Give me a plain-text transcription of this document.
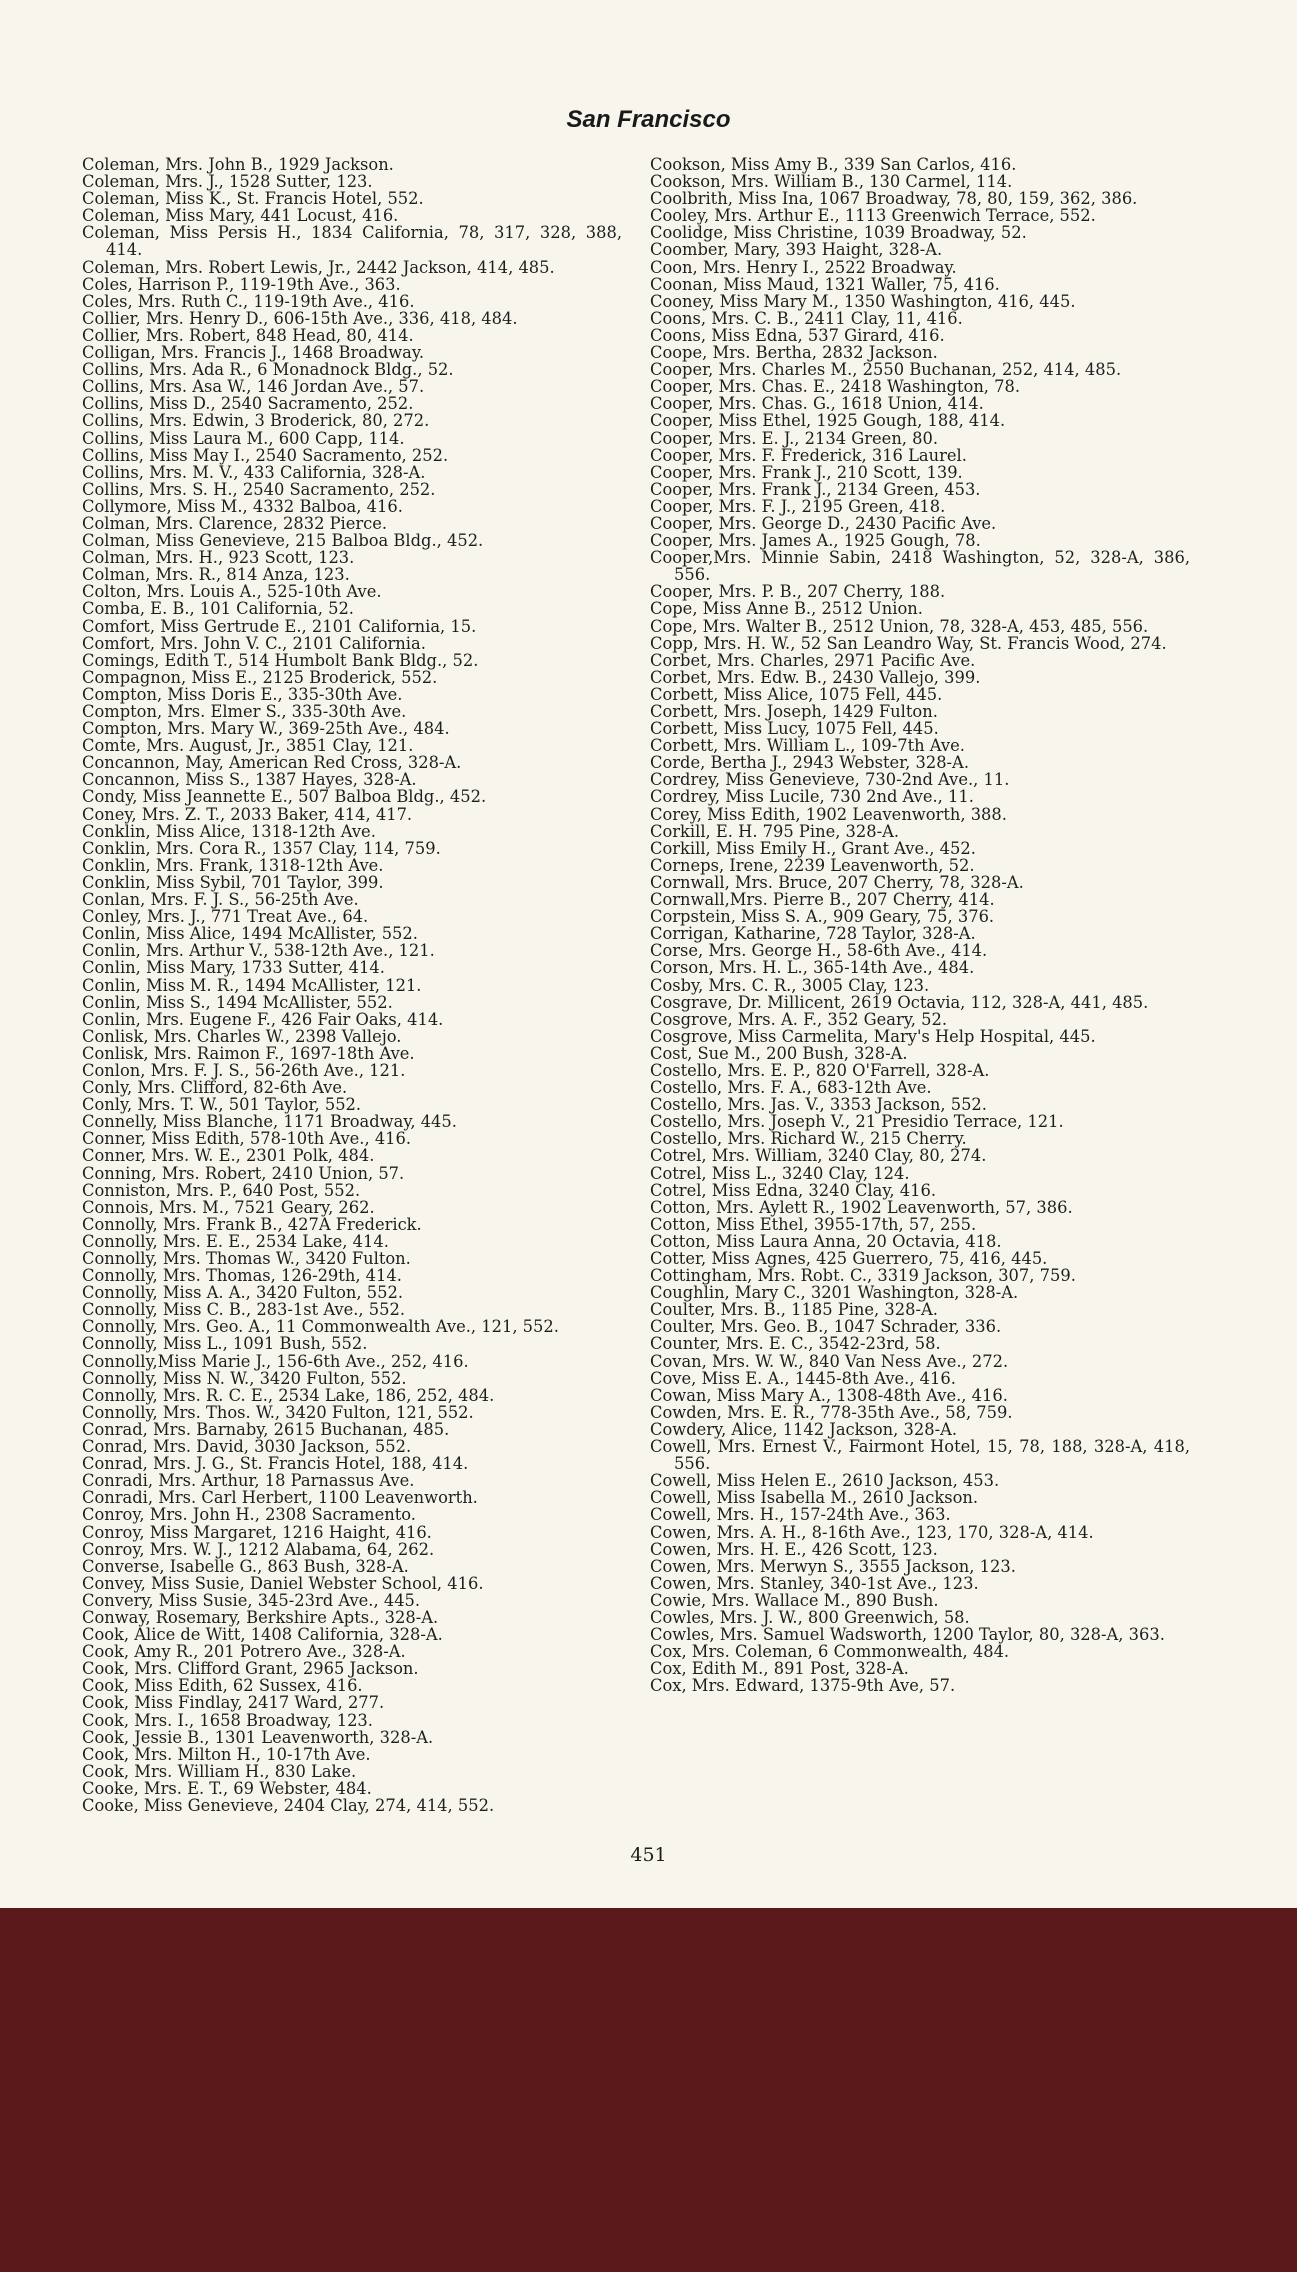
San Francisco
Coleman, Mrs. John B., 1929 Jackson.
Coleman, Mrs. J., 1528 Sutter, 123.
Coleman, Miss K., St. Francis Hotel, 552.
Coleman, Miss Mary, 441 Locust, 416.
Coleman, Miss Persis H., 1834 California, 78, 317, 328, 388, 414.
Coleman, Mrs. Robert Lewis, Jr., 2442 Jackson, 414, 485.
Coles, Harrison P., 119-19th Ave., 363.
Coles, Mrs. Ruth C., 119-19th Ave., 416.
Collier, Mrs. Henry D., 606-15th Ave., 336, 418, 484.
Collier, Mrs. Robert, 848 Head, 80, 414.
Colligan, Mrs. Francis J., 1468 Broadway.
Collins, Mrs. Ada R., 6 Monadnock Bldg., 52.
Collins, Mrs. Asa W., 146 Jordan Ave., 57.
Collins, Miss D., 2540 Sacramento, 252.
Collins, Mrs. Edwin, 3 Broderick, 80, 272.
Collins, Miss Laura M., 600 Capp, 114.
Collins, Miss May I., 2540 Sacramento, 252.
Collins, Mrs. M. V., 433 California, 328-A.
Collins, Mrs. S. H., 2540 Sacramento, 252.
Collymore, Miss M., 4332 Balboa, 416.
Colman, Mrs. Clarence, 2832 Pierce.
Colman, Miss Genevieve, 215 Balboa Bldg., 452.
Colman, Mrs. H., 923 Scott, 123.
Colman, Mrs. R., 814 Anza, 123.
Colton, Mrs. Louis A., 525-10th Ave.
Comba, E. B., 101 California, 52.
Comfort, Miss Gertrude E., 2101 California, 15.
Comfort, Mrs. John V. C., 2101 California.
Comings, Edith T., 514 Humbolt Bank Bldg., 52.
Compagnon, Miss E., 2125 Broderick, 552.
Compton, Miss Doris E., 335-30th Ave.
Compton, Mrs. Elmer S., 335-30th Ave.
Compton, Mrs. Mary W., 369-25th Ave., 484.
Comte, Mrs. August, Jr., 3851 Clay, 121.
Concannon, May, American Red Cross, 328-A.
Concannon, Miss S., 1387 Hayes, 328-A.
Condy, Miss Jeannette E., 507 Balboa Bldg., 452.
Coney, Mrs. Z. T., 2033 Baker, 414, 417.
Conklin, Miss Alice, 1318-12th Ave.
Conklin, Mrs. Cora R., 1357 Clay, 114, 759.
Conklin, Mrs. Frank, 1318-12th Ave.
Conklin, Miss Sybil, 701 Taylor, 399.
Conlan, Mrs. F. J. S., 56-25th Ave.
Conley, Mrs. J., 771 Treat Ave., 64.
Conlin, Miss Alice, 1494 McAllister, 552.
Conlin, Mrs. Arthur V., 538-12th Ave., 121.
Conlin, Miss Mary, 1733 Sutter, 414.
Conlin, Miss M. R., 1494 McAllister, 121.
Conlin, Miss S., 1494 McAllister, 552.
Conlin, Mrs. Eugene F., 426 Fair Oaks, 414.
Conlisk, Mrs. Charles W., 2398 Vallejo.
Conlisk, Mrs. Raimon F., 1697-18th Ave.
Conlon, Mrs. F. J. S., 56-26th Ave., 121.
Conly, Mrs. Clifford, 82-6th Ave.
Conly, Mrs. T. W., 501 Taylor, 552.
Connelly, Miss Blanche, 1171 Broadway, 445.
Conner, Miss Edith, 578-10th Ave., 416.
Conner, Mrs. W. E., 2301 Polk, 484.
Conning, Mrs. Robert, 2410 Union, 57.
Conniston, Mrs. P., 640 Post, 552.
Connois, Mrs. M., 7521 Geary, 262.
Connolly, Mrs. Frank B., 427A Frederick.
Connolly, Mrs. E. E., 2534 Lake, 414.
Connolly, Mrs. Thomas W., 3420 Fulton.
Connolly, Mrs. Thomas, 126-29th, 414.
Connolly, Miss A. A., 3420 Fulton, 552.
Connolly, Miss C. B., 283-1st Ave., 552.
Connolly, Mrs. Geo. A., 11 Commonwealth Ave., 121, 552.
Connolly, Miss L., 1091 Bush, 552.
Connolly,Miss Marie J., 156-6th Ave., 252, 416.
Connolly, Miss N. W., 3420 Fulton, 552.
Connolly, Mrs. R. C. E., 2534 Lake, 186, 252, 484.
Connolly, Mrs. Thos. W., 3420 Fulton, 121, 552.
Conrad, Mrs. Barnaby, 2615 Buchanan, 485.
Conrad, Mrs. David, 3030 Jackson, 552.
Conrad, Mrs. J. G., St. Francis Hotel, 188, 414.
Conradi, Mrs. Arthur, 18 Parnassus Ave.
Conradi, Mrs. Carl Herbert, 1100 Leavenworth.
Conroy, Mrs. John H., 2308 Sacramento.
Conroy, Miss Margaret, 1216 Haight, 416.
Conroy, Mrs. W. J., 1212 Alabama, 64, 262.
Converse, Isabelle G., 863 Bush, 328-A.
Convey, Miss Susie, Daniel Webster School, 416.
Convery, Miss Susie, 345-23rd Ave., 445.
Conway, Rosemary, Berkshire Apts., 328-A.
Cook, Alice de Witt, 1408 California, 328-A.
Cook, Amy R., 201 Potrero Ave., 328-A.
Cook, Mrs. Clifford Grant, 2965 Jackson.
Cook, Miss Edith, 62 Sussex, 416.
Cook, Miss Findlay, 2417 Ward, 277.
Cook, Mrs. I., 1658 Broadway, 123.
Cook, Jessie B., 1301 Leavenworth, 328-A.
Cook, Mrs. Milton H., 10-17th Ave.
Cook, Mrs. William H., 830 Lake.
Cooke, Mrs. E. T., 69 Webster, 484.
Cooke, Miss Genevieve, 2404 Clay, 274, 414, 552.
Cookson, Miss Amy B., 339 San Carlos, 416.
Cookson, Mrs. William B., 130 Carmel, 114.
Coolbrith, Miss Ina, 1067 Broadway, 78, 80, 159, 362, 386.
Cooley, Mrs. Arthur E., 1113 Greenwich Terrace, 552.
Coolidge, Miss Christine, 1039 Broadway, 52.
Coomber, Mary, 393 Haight, 328-A.
Coon, Mrs. Henry I., 2522 Broadway.
Coonan, Miss Maud, 1321 Waller, 75, 416.
Cooney, Miss Mary M., 1350 Washington, 416, 445.
Coons, Mrs. C. B., 2411 Clay, 11, 416.
Coons, Miss Edna, 537 Girard, 416.
Coope, Mrs. Bertha, 2832 Jackson.
Cooper, Mrs. Charles M., 2550 Buchanan, 252, 414, 485.
Cooper, Mrs. Chas. E., 2418 Washington, 78.
Cooper, Mrs. Chas. G., 1618 Union, 414.
Cooper, Miss Ethel, 1925 Gough, 188, 414.
Cooper, Mrs. E. J., 2134 Green, 80.
Cooper, Mrs. F. Frederick, 316 Laurel.
Cooper, Mrs. Frank J., 210 Scott, 139.
Cooper, Mrs. Frank J., 2134 Green, 453.
Cooper, Mrs. F. J., 2195 Green, 418.
Cooper, Mrs. George D., 2430 Pacific Ave.
Cooper, Mrs. James A., 1925 Gough, 78.
Cooper,Mrs. Minnie Sabin, 2418 Washington, 52, 328-A, 386, 556.
Cooper, Mrs. P. B., 207 Cherry, 188.
Cope, Miss Anne B., 2512 Union.
Cope, Mrs. Walter B., 2512 Union, 78, 328-A, 453, 485, 556.
Copp, Mrs. H. W., 52 San Leandro Way, St. Francis Wood, 274.
Corbet, Mrs. Charles, 2971 Pacific Ave.
Corbet, Mrs. Edw. B., 2430 Vallejo, 399.
Corbett, Miss Alice, 1075 Fell, 445.
Corbett, Mrs. Joseph, 1429 Fulton.
Corbett, Miss Lucy, 1075 Fell, 445.
Corbett, Mrs. William L., 109-7th Ave.
Corde, Bertha J., 2943 Webster, 328-A.
Cordrey, Miss Genevieve, 730-2nd Ave., 11.
Cordrey, Miss Lucile, 730 2nd Ave., 11.
Corey, Miss Edith, 1902 Leavenworth, 388.
Corkill, E. H. 795 Pine, 328-A.
Corkill, Miss Emily H., Grant Ave., 452.
Corneps, Irene, 2239 Leavenworth, 52.
Cornwall, Mrs. Bruce, 207 Cherry, 78, 328-A.
Cornwall,Mrs. Pierre B., 207 Cherry, 414.
Corpstein, Miss S. A., 909 Geary, 75, 376.
Corrigan, Katharine, 728 Taylor, 328-A.
Corse, Mrs. George H., 58-6th Ave., 414.
Corson, Mrs. H. L., 365-14th Ave., 484.
Cosby, Mrs. C. R., 3005 Clay, 123.
Cosgrave, Dr. Millicent, 2619 Octavia, 112, 328-A, 441, 485.
Cosgrove, Mrs. A. F., 352 Geary, 52.
Cosgrove, Miss Carmelita, Mary's Help Hospital, 445.
Cost, Sue M., 200 Bush, 328-A.
Costello, Mrs. E. P., 820 O'Farrell, 328-A.
Costello, Mrs. F. A., 683-12th Ave.
Costello, Mrs. Jas. V., 3353 Jackson, 552.
Costello, Mrs. Joseph V., 21 Presidio Terrace, 121.
Costello, Mrs. Richard W., 215 Cherry.
Cotrel, Mrs. William, 3240 Clay, 80, 274.
Cotrel, Miss L., 3240 Clay, 124.
Cotrel, Miss Edna, 3240 Clay, 416.
Cotton, Mrs. Aylett R., 1902 Leavenworth, 57, 386.
Cotton, Miss Ethel, 3955-17th, 57, 255.
Cotton, Miss Laura Anna, 20 Octavia, 418.
Cotter, Miss Agnes, 425 Guerrero, 75, 416, 445.
Cottingham, Mrs. Robt. C., 3319 Jackson, 307, 759.
Coughlin, Mary C., 3201 Washington, 328-A.
Coulter, Mrs. B., 1185 Pine, 328-A.
Coulter, Mrs. Geo. B., 1047 Schrader, 336.
Counter, Mrs. E. C., 3542-23rd, 58.
Covan, Mrs. W. W., 840 Van Ness Ave., 272.
Cove, Miss E. A., 1445-8th Ave., 416.
Cowan, Miss Mary A., 1308-48th Ave., 416.
Cowden, Mrs. E. R., 778-35th Ave., 58, 759.
Cowdery, Alice, 1142 Jackson, 328-A.
Cowell, Mrs. Ernest V., Fairmont Hotel, 15, 78, 188, 328-A, 418, 556.
Cowell, Miss Helen E., 2610 Jackson, 453.
Cowell, Miss Isabella M., 2610 Jackson.
Cowell, Mrs. H., 157-24th Ave., 363.
Cowen, Mrs. A. H., 8-16th Ave., 123, 170, 328-A, 414.
Cowen, Mrs. H. E., 426 Scott, 123.
Cowen, Mrs. Merwyn S., 3555 Jackson, 123.
Cowen, Mrs. Stanley, 340-1st Ave., 123.
Cowie, Mrs. Wallace M., 890 Bush.
Cowles, Mrs. J. W., 800 Greenwich, 58.
Cowles, Mrs. Samuel Wadsworth, 1200 Taylor, 80, 328-A, 363.
Cox, Mrs. Coleman, 6 Commonwealth, 484.
Cox, Edith M., 891 Post, 328-A.
Cox, Mrs. Edward, 1375-9th Ave, 57.
451
